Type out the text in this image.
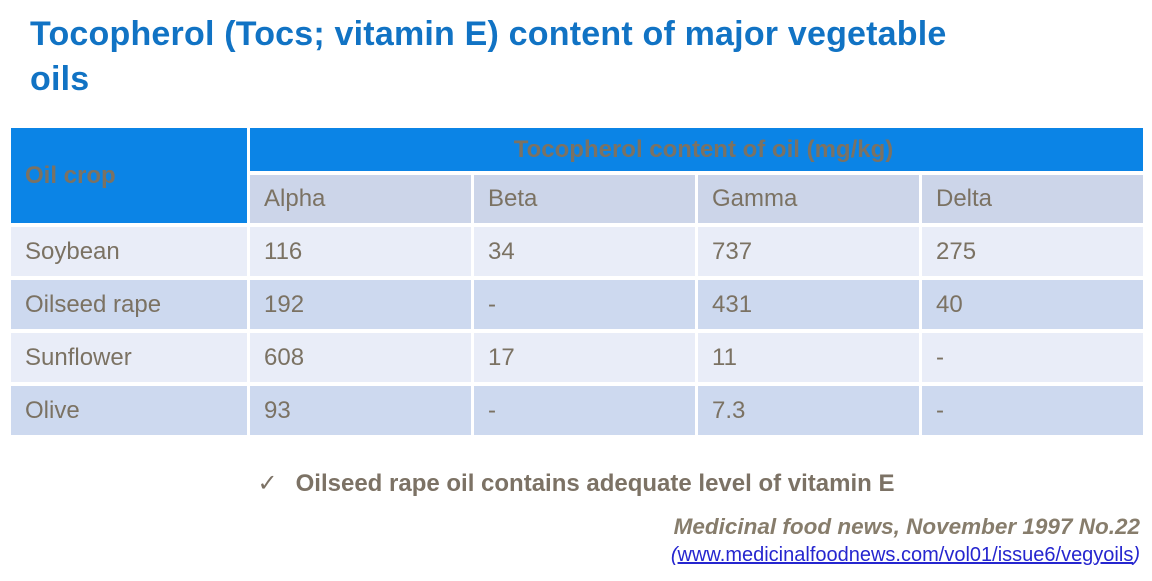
Tocopherol (Tocs; vitamin E) content of major vegetable oils
Oil crop	Tocopherol content of oil (mg/kg)			
	Alpha	Beta	Gamma	Delta
Soybean	116	34	737	275
Oilseed rape	192	-	431	40
Sunflower	608	17	11	-
Olive	93	-	7.3	-
✓ Oilseed rape oil contains adequate level of vitamin E
Medicinal food news, November 1997 No.22
(www.medicinalfoodnews.com/vol01/issue6/vegyoils)
